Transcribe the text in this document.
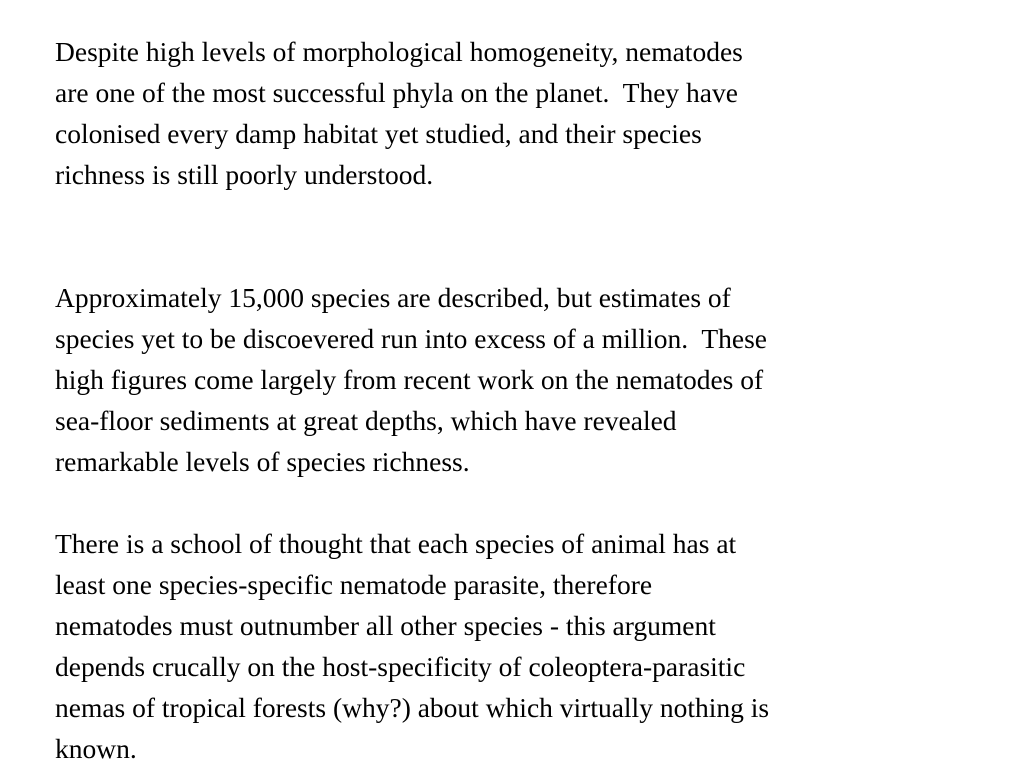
Despite high levels of morphological homogeneity, nematodes
are one of the most successful phyla on the planet.  They have
colonised every damp habitat yet studied, and their species
richness is still poorly understood.

Approximately 15,000 species are described, but estimates of
species yet to be discoevered run into excess of a million.  These
high figures come largely from recent work on the nematodes of
sea-floor sediments at great depths, which have revealed
remarkable levels of species richness.

There is a school of thought that each species of animal has at
least one species-specific nematode parasite, therefore
nematodes must outnumber all other species - this argument
depends crucally on the host-specificity of coleoptera-parasitic
nemas of tropical forests (why?) about which virtually nothing is
known.
